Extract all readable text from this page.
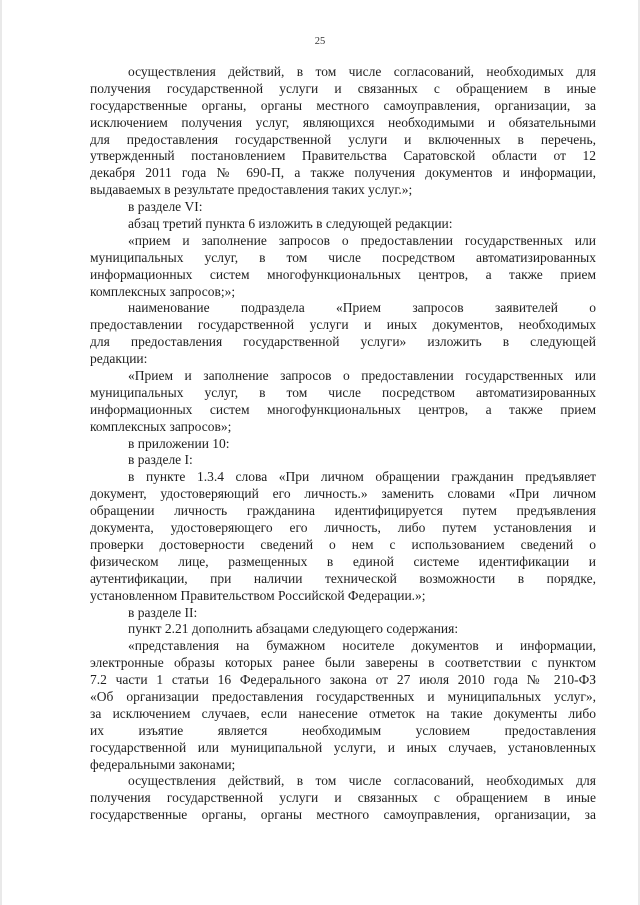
25
осуществления действий, в том числе согласований, необходимых для
получения государственной услуги и связанных с обращением в иные
государственные органы, органы местного самоуправления, организации, за
исключением получения услуг, являющихся необходимыми и обязательными
для предоставления государственной услуги и включенных в перечень,
утвержденный постановлением Правительства Саратовской области от 12
декабря 2011 года № 690-П, а также получения документов и информации,
выдаваемых в результате предоставления таких услуг.»;
в разделе VI:
абзац третий пункта 6 изложить в следующей редакции:
«прием и заполнение запросов о предоставлении государственных или
муниципальных услуг, в том числе посредством автоматизированных
информационных систем многофункциональных центров, а также прием
комплексных запросов;»;
наименование подраздела «Прием запросов заявителей о
предоставлении государственной услуги и иных документов, необходимых
для предоставления государственной услуги» изложить в следующей
редакции:
«Прием и заполнение запросов о предоставлении государственных или
муниципальных услуг, в том числе посредством автоматизированных
информационных систем многофункциональных центров, а также прием
комплексных запросов»;
в приложении 10:
в разделе I:
в пункте 1.3.4 слова «При личном обращении гражданин предъявляет
документ, удостоверяющий его личность.» заменить словами «При личном
обращении личность гражданина идентифицируется путем предъявления
документа, удостоверяющего его личность, либо путем установления и
проверки достоверности сведений о нем с использованием сведений о
физическом лице, размещенных в единой системе идентификации и
аутентификации, при наличии технической возможности в порядке,
установленном Правительством Российской Федерации.»;
в разделе II:
пункт 2.21 дополнить абзацами следующего содержания:
«представления на бумажном носителе документов и информации,
электронные образы которых ранее были заверены в соответствии с пунктом
7.2 части 1 статьи 16 Федерального закона от 27 июля 2010 года № 210-ФЗ
«Об организации предоставления государственных и муниципальных услуг»,
за исключением случаев, если нанесение отметок на такие документы либо
их изъятие является необходимым условием предоставления
государственной или муниципальной услуги, и иных случаев, установленных
федеральными законами;
осуществления действий, в том числе согласований, необходимых для
получения государственной услуги и связанных с обращением в иные
государственные органы, органы местного самоуправления, организации, за
